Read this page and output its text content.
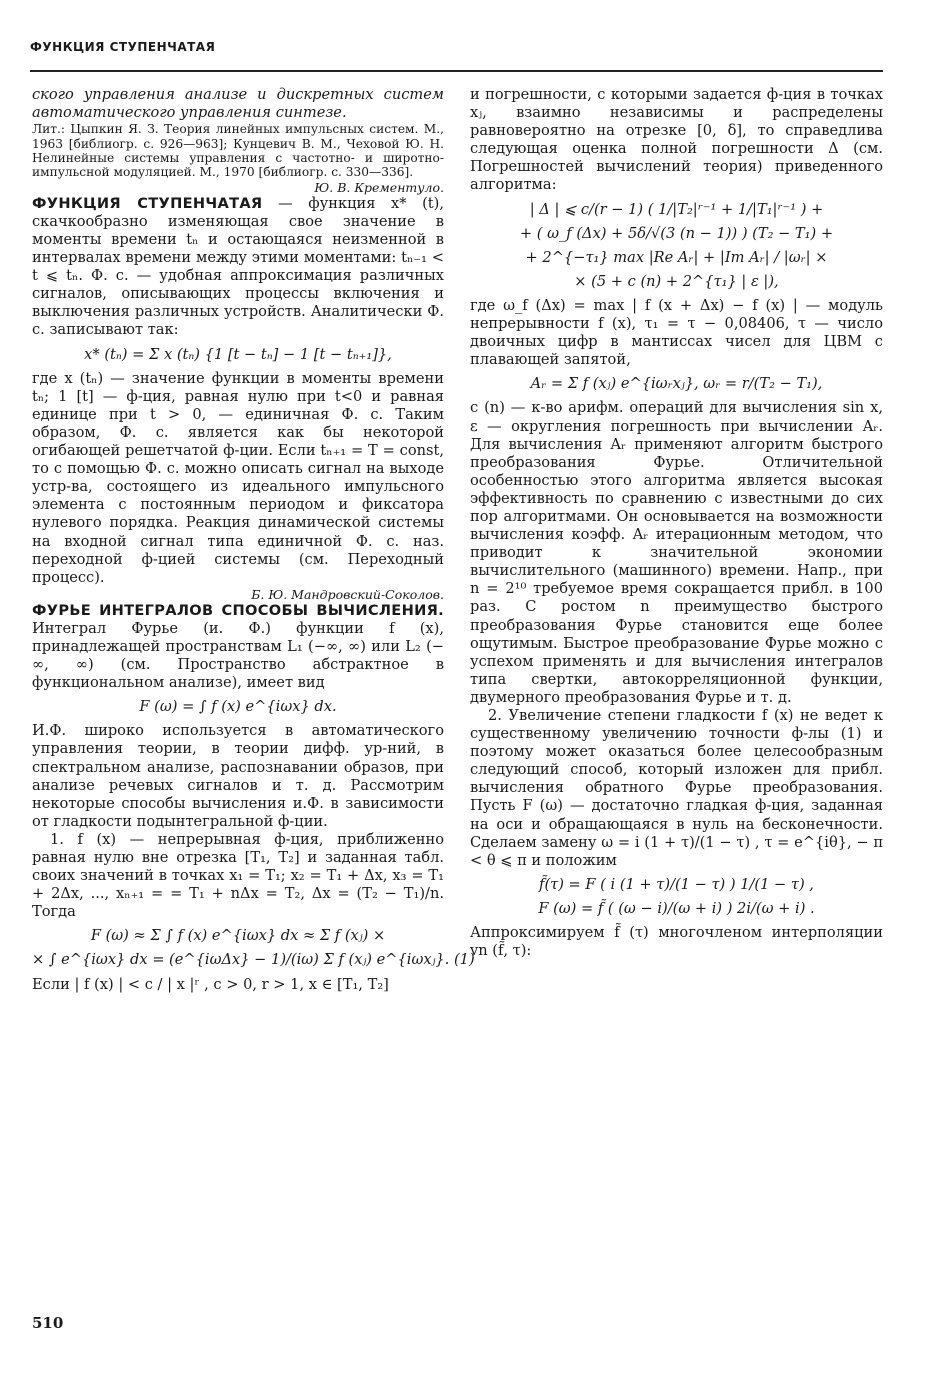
ФУНКЦИЯ СТУПЕНЧАТАЯ

ского управления анализе и дискретных систем автоматического управления синтезе.

Лит.: Цыпкин Я. З. Теория линейных импульсных систем. М., 1963 [библиогр. с. 926—963]; Кунцевич В. М., Чеховой Ю. Н. Нелинейные системы управления с частотно- и широтно-импульсной модуляцией. М., 1970 [библиогр. с. 330—336].

Ю. В. Крементуло.

ФУНКЦИЯ СТУПЕНЧАТАЯ — функция x* (t), скачкообразно изменяющая свое значение в моменты времени tₙ и остающаяся неизменной в интервалах времени между этими моментами: tₙ₋₁ < t ⩽ tₙ. Ф. с. — удобная аппроксимация различных сигналов, описывающих процессы включения и выключения различных устройств. Аналитически Ф. с. записывают так:

x* (tₙ) = Σ x (tₙ) {1 [t − tₙ] − 1 [t − tₙ₊₁]},

где x (tₙ) — значение функции в моменты времени tₙ; 1 [t] — ф-ция, равная нулю при t<0 и равная единице при t > 0, — единичная Ф. с. Таким образом, Ф. с. является как бы некоторой огибающей решетчатой ф-ции. Если tₙ₊₁ = T = const, то с помощью Ф. с. можно описать сигнал на выходе устр-ва, состоящего из идеального импульсного элемента с постоянным периодом и фиксатора нулевого порядка. Реакция динамической системы на входной сигнал типа единичной Ф. с. наз. переходной ф-цией системы (см. Переходный процесс).

Б. Ю. Мандровский-Соколов.

ФУРЬЕ ИНТЕГРАЛОВ СПОСОБЫ ВЫЧИСЛЕНИЯ. Интеграл Фурье (и. Ф.) функции f (x), принадлежащей пространствам L₁ (−∞, ∞) или L₂ (− ∞, ∞) (см. Пространство абстрактное в функциональном анализе), имеет вид

F (ω) = ∫ f (x) e^{iωx} dx.

И.Ф. широко используется в автоматического управления теории, в теории дифф. ур-ний, в спектральном анализе, распознавании образов, при анализе речевых сигналов и т. д. Рассмотрим некоторые способы вычисления и.Ф. в зависимости от гладкости подынтегральной ф-ции.

1. f (x) — непрерывная ф-ция, приближенно равная нулю вне отрезка [T₁, T₂] и заданная табл. своих значений в точках x₁ = T₁; x₂ = T₁ + Δx, x₃ = T₁ + 2Δx, ..., xₙ₊₁ = = T₁ + nΔx = T₂, Δx = (T₂ − T₁)/n. Тогда

F (ω) ≈ Σ ∫ f (x) e^{iωx} dx ≈ Σ f (xⱼ) ×
× ∫ e^{iωx} dx = (e^{iωΔx} − 1)/(iω) Σ f (xⱼ) e^{iωxⱼ}. (1)

Если | f (x) | < c / | x |ʳ , c > 0, r > 1, x ∈ [T₁, T₂]

и погрешности, с которыми задается ф-ция в точках xⱼ, взаимно независимы и распределены равновероятно на отрезке [0, δ], то справедлива следующая оценка полной погрешности Δ (см. Погрешностей вычислений теория) приведенного алгоритма:

| Δ | ⩽ c/(r − 1) ( 1/|T₂|ʳ⁻¹ + 1/|T₁|ʳ⁻¹ ) +
+ ( ω_f (Δx) + 5δ/√(3 (n − 1)) ) (T₂ − T₁) +
+ 2^{−τ₁} max |Re Aᵣ| + |Im Aᵣ| / |ωᵣ| ×
× (5 + c (n) + 2^{τ₁} | ε |),

где ω_f (Δx) = max | f (x + Δx) − f (x) | — модуль непрерывности f (x), τ₁ = τ − 0,08406, τ — число двоичных цифр в мантиссах чисел для ЦВМ с плавающей запятой,

Aᵣ = Σ f (xⱼ) e^{iωᵣxⱼ}, ωᵣ = r/(T₂ − T₁),

c (n) — к-во арифм. операций для вычисления sin x, ε — округления погрешность при вычислении Aᵣ. Для вычисления Aᵣ применяют алгоритм быстрого преобразования Фурье. Отличительной особенностью этого алгоритма является высокая эффективность по сравнению с известными до сих пор алгоритмами. Он основывается на возможности вычисления коэфф. Aᵣ итерационным методом, что приводит к значительной экономии вычислительного (машинного) времени. Напр., при n = 2¹⁰ требуемое время сокращается прибл. в 100 раз. С ростом n преимущество быстрого преобразования Фурье становится еще более ощутимым. Быстрое преобразование Фурье можно с успехом применять и для вычисления интегралов типа свертки, автокорреляционной функции, двумерного преобразования Фурье и т. д.

2. Увеличение степени гладкости f (x) не ведет к существенному увеличению точности ф-лы (1) и поэтому может оказаться более целесообразным следующий способ, который изложен для прибл. вычисления обратного Фурье преобразования. Пусть F (ω) — достаточно гладкая ф-ция, заданная на оси и обращающаяся в нуль на бесконечности. Сделаем замену ω = i (1 + τ)/(1 − τ) , τ = e^{iθ}, − π < θ ⩽ π и положим

f̃(τ) = F ( i (1 + τ)/(1 − τ) ) 1/(1 − τ) ,
F (ω) = f̃ ( (ω − i)/(ω + i) ) 2i/(ω + i) .

Аппроксимируем f̃ (τ) многочленом интерполяции vn (f̃, τ):

510
